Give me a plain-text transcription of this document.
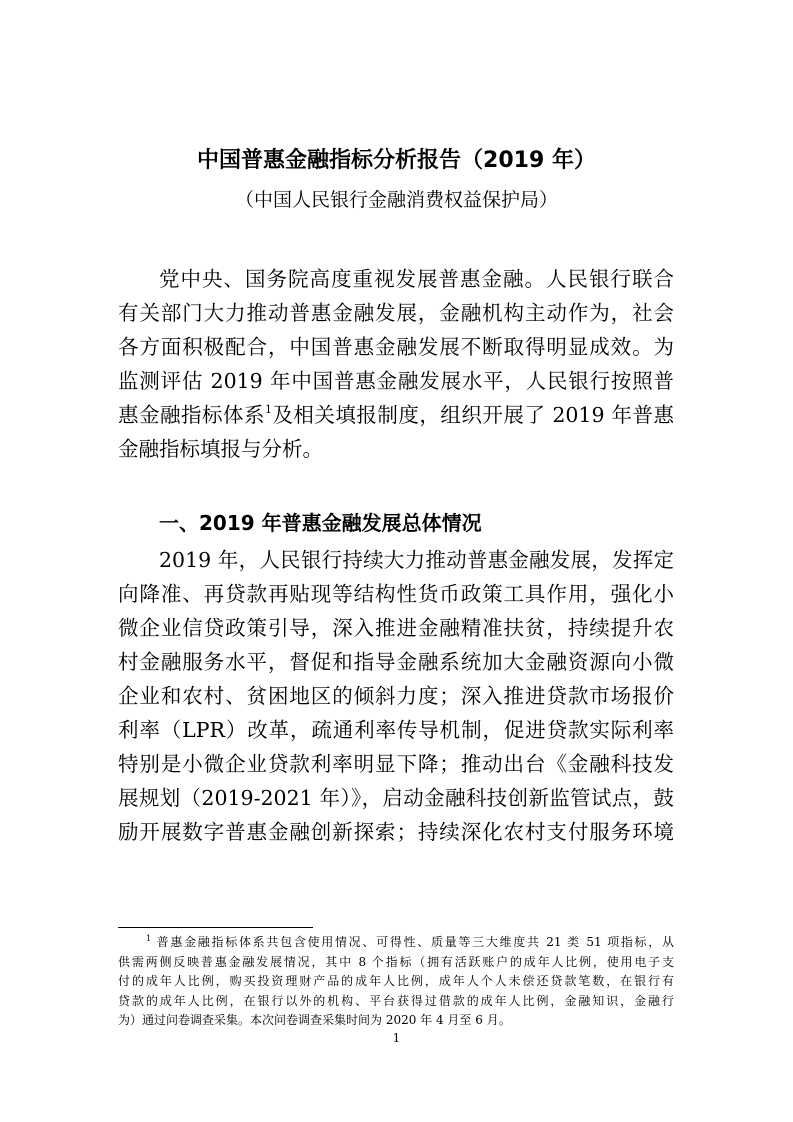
中国普惠金融指标分析报告（2019 年）
（中国人民银行金融消费权益保护局）
党中央、国务院高度重视发展普惠金融。人民银行联合
有关部门大力推动普惠金融发展，金融机构主动作为，社会
各方面积极配合，中国普惠金融发展不断取得明显成效。为
监测评估 2019 年中国普惠金融发展水平，人民银行按照普
惠金融指标体系$^1$及相关填报制度，组织开展了 2019 年普惠
金融指标填报与分析。
一、2019 年普惠金融发展总体情况
2019 年，人民银行持续大力推动普惠金融发展，发挥定
向降准、再贷款再贴现等结构性货币政策工具作用，强化小
微企业信贷政策引导，深入推进金融精准扶贫，持续提升农
村金融服务水平，督促和指导金融系统加大金融资源向小微
企业和农村、贫困地区的倾斜力度；深入推进贷款市场报价
利率（LPR）改革，疏通利率传导机制，促进贷款实际利率
特别是小微企业贷款利率明显下降；推动出台《金融科技发
展规划（2019-2021 年）》，启动金融科技创新监管试点，鼓
励开展数字普惠金融创新探索；持续深化农村支付服务环境
$^1$ 普惠金融指标体系共包含使用情况、可得性、质量等三大维度共 21 类 51 项指标，从
供需两侧反映普惠金融发展情况，其中 8 个指标（拥有活跃账户的成年人比例，使用电子支
付的成年人比例，购买投资理财产品的成年人比例，成年人个人未偿还贷款笔数，在银行有
贷款的成年人比例，在银行以外的机构、平台获得过借款的成年人比例，金融知识，金融行
为）通过问卷调查采集。本次问卷调查采集时间为 2020 年 4 月至 6 月。
1
